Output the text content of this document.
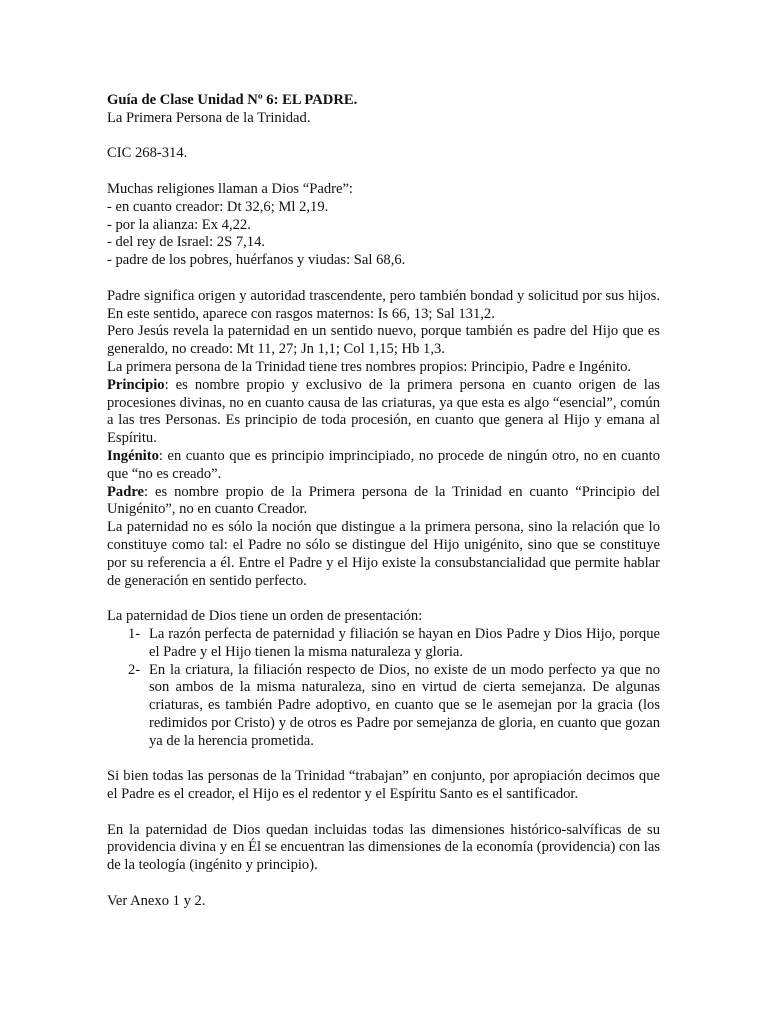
Guía de Clase Unidad Nº 6: EL PADRE.

La Primera Persona de la Trinidad.

CIC 268-314.

Muchas religiones llaman a Dios “Padre”:

- en cuanto creador: Dt 32,6; Ml 2,19.

- por la alianza: Ex 4,22.

- del rey de Israel: 2S 7,14.

- padre de los pobres, huérfanos y viudas: Sal 68,6.

Padre significa origen y autoridad trascendente, pero también bondad y solicitud por sus hijos. En este sentido, aparece con rasgos maternos: Is 66, 13; Sal 131,2.

Pero Jesús revela la paternidad en un sentido nuevo, porque también es padre del Hijo que es generaldo, no creado: Mt 11, 27; Jn 1,1; Col 1,15; Hb 1,3.

La primera persona de la Trinidad tiene tres nombres propios: Principio, Padre e Ingénito.

Principio: es nombre propio y exclusivo de la primera persona en cuanto origen de las procesiones divinas, no en cuanto causa de las criaturas, ya que esta es algo “esencial”, común a las tres Personas. Es principio de toda procesión, en cuanto que genera al Hijo y emana al Espíritu.

Ingénito: en cuanto que es principio imprincipiado, no procede de ningún otro, no en cuanto que “no es creado”.

Padre: es nombre propio de la Primera persona de la Trinidad en cuanto “Principio del Unigénito”, no en cuanto Creador.

La paternidad no es sólo la noción que distingue a la primera persona, sino la relación que lo constituye como tal: el Padre no sólo se distingue del Hijo unigénito, sino que se constituye por su referencia a él. Entre el Padre y el Hijo existe la consubstancialidad que permite hablar de generación en sentido perfecto.

La paternidad de Dios tiene un orden de presentación:

1- La razón perfecta de paternidad y filiación se hayan en Dios Padre y Dios Hijo, porque el Padre y el Hijo tienen la misma naturaleza y gloria.
2- En la criatura, la filiación respecto de Dios, no existe de un modo perfecto ya que no son ambos de la misma naturaleza, sino en virtud de cierta semejanza. De algunas criaturas, es también Padre adoptivo, en cuanto que se le asemejan por la gracia (los redimidos por Cristo) y de otros es Padre por semejanza de gloria, en cuanto que gozan ya de la herencia prometida.

Si bien todas las personas de la Trinidad “trabajan” en conjunto, por apropiación decimos que el Padre es el creador, el Hijo es el redentor y el Espíritu Santo es el santificador.

En la paternidad de Dios quedan incluidas todas las dimensiones histórico-salvíficas de su providencia divina y en Él se encuentran las dimensiones de la economía (providencia) con las de la teología (ingénito y principio).

Ver Anexo 1 y 2.
